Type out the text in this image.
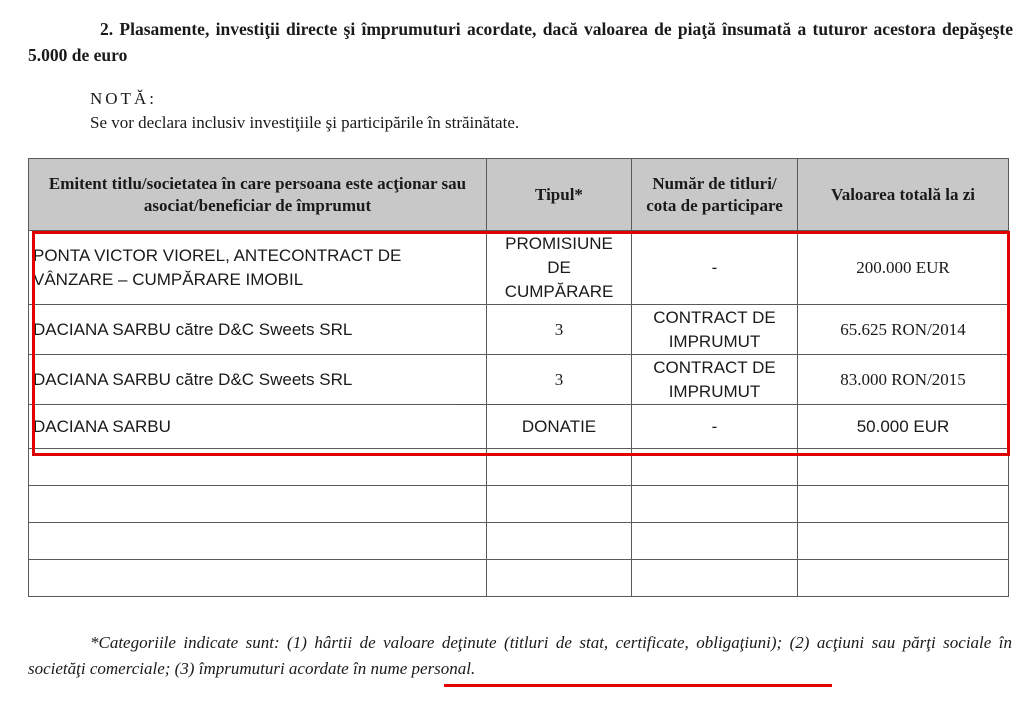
2. Plasamente, investiţii directe şi împrumuturi acordate, dacă valoarea de piaţă însumată a tuturor acestora depăşeşte 5.000 de euro
NOTĂ:
Se vor declara inclusiv investiţiile şi participările în străinătate.
Emitent titlu/societatea în care persoana este acţionar sau asociat/beneficiar de împrumut	Tipul*	Număr de titluri/ cota de participare	Valoarea totală la zi
PONTA VICTOR VIOREL, ANTECONTRACT DE VÂNZARE – CUMPĂRARE IMOBIL	PROMISIUNE DE CUMPĂRARE	-	200.000 EUR
DACIANA SARBU către D&C Sweets SRL	3	CONTRACT DE IMPRUMUT	65.625 RON/2014
DACIANA SARBU către D&C Sweets SRL	3	CONTRACT DE IMPRUMUT	83.000 RON/2015
DACIANA SARBU	DONATIE	-	50.000 EUR

*Categoriile indicate sunt: (1) hârtii de valoare deţinute (titluri de stat, certificate, obligaţiuni); (2) acţiuni sau părţi sociale în societăţi comerciale; (3) împrumuturi acordate în nume personal.
